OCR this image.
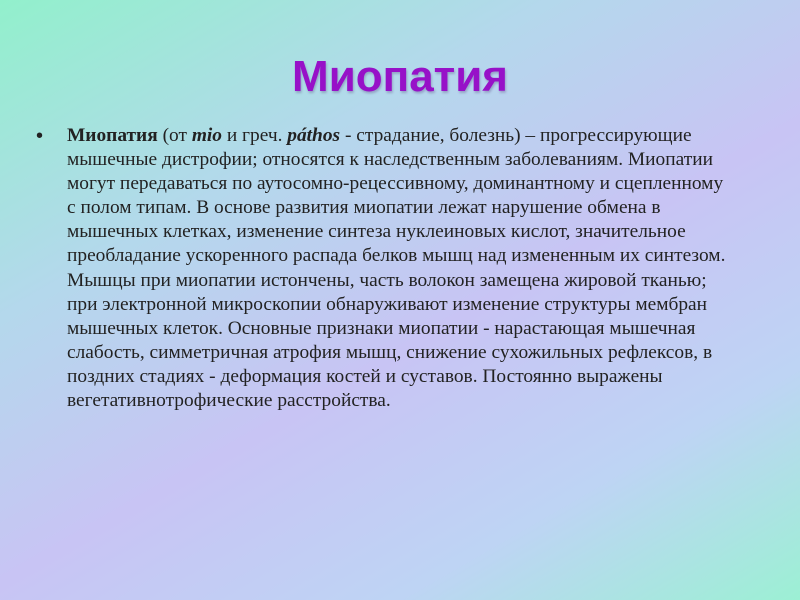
Миопатия
• Миопатия (от mio и греч. páthos - страдание, болезнь) – прогрессирующие мышечные дистрофии; относятся к наследственным заболеваниям. Миопатии могут передаваться по аутосомно-рецессивному, доминантному и сцепленному с полом типам. В основе развития миопатии лежат нарушение обмена в мышечных клетках, изменение синтеза нуклеиновых кислот, значительное преобладание ускоренного распада белков мышц над измененным их синтезом. Мышцы при миопатии истончены, часть волокон замещена жировой тканью; при электронной микроскопии обнаруживают изменение структуры мембран мышечных клеток. Основные признаки миопатии - нарастающая мышечная слабость, симметричная атрофия мышц, снижение сухожильных рефлексов, в поздних стадиях - деформация костей и суставов. Постоянно выражены вегетативнотрофические расстройства.
